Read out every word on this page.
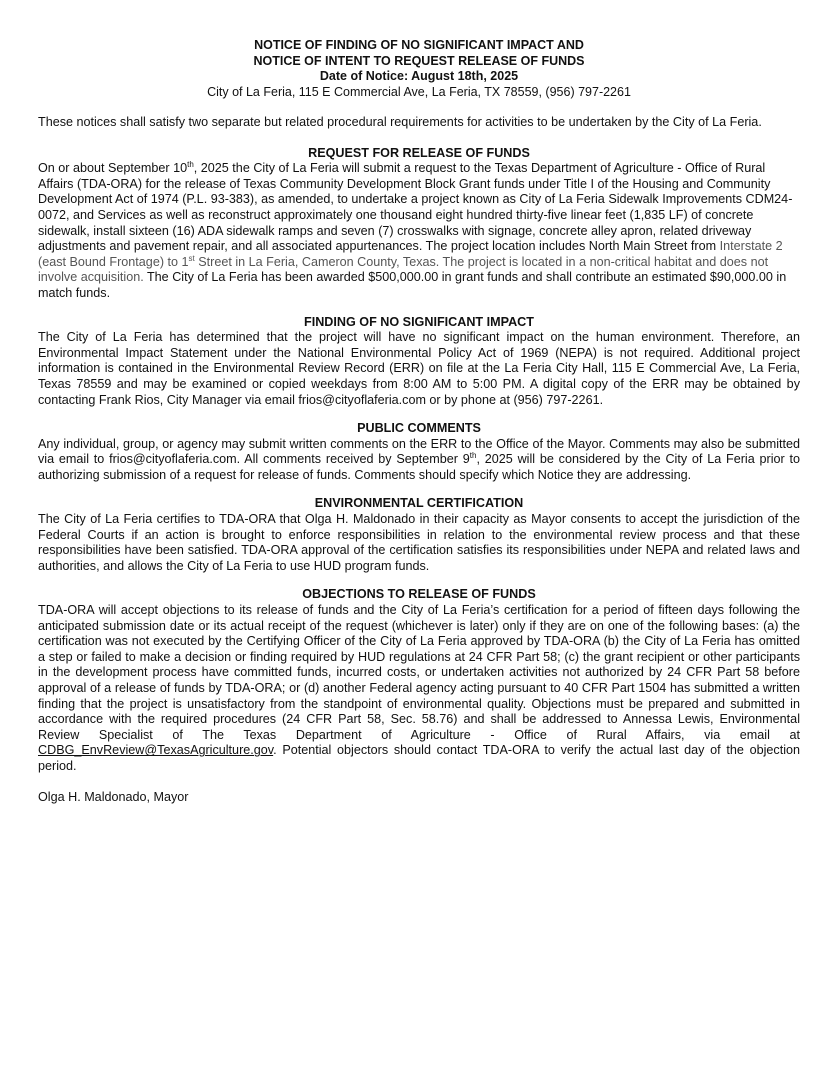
NOTICE OF FINDING OF NO SIGNIFICANT IMPACT AND
NOTICE OF INTENT TO REQUEST RELEASE OF FUNDS
Date of Notice: August 18th, 2025
City of La Feria, 115 E Commercial Ave, La Feria, TX 78559, (956) 797-2261

These notices shall satisfy two separate but related procedural requirements for activities to be undertaken by the City of La Feria.

REQUEST FOR RELEASE OF FUNDS

On or about September 10th, 2025 the City of La Feria will submit a request to the Texas Department of Agriculture - Office of Rural Affairs (TDA-ORA) for the release of Texas Community Development Block Grant funds under Title I of the Housing and Community Development Act of 1974 (P.L. 93-383), as amended, to undertake a project known as City of La Feria Sidewalk Improvements CDM24-0072, and Services as well as reconstruct approximately one thousand eight hundred thirty-five linear feet (1,835 LF) of concrete sidewalk, install sixteen (16) ADA sidewalk ramps and seven (7) crosswalks with signage, concrete alley apron, related driveway adjustments and pavement repair, and all associated appurtenances. The project location includes North Main Street from Interstate 2 (east Bound Frontage) to 1st Street in La Feria, Cameron County, Texas. The project is located in a non-critical habitat and does not involve acquisition. The City of La Feria has been awarded $500,000.00 in grant funds and shall contribute an estimated $90,000.00 in match funds.

FINDING OF NO SIGNIFICANT IMPACT

The City of La Feria has determined that the project will have no significant impact on the human environment. Therefore, an Environmental Impact Statement under the National Environmental Policy Act of 1969 (NEPA) is not required. Additional project information is contained in the Environmental Review Record (ERR) on file at the La Feria City Hall, 115 E Commercial Ave, La Feria, Texas 78559 and may be examined or copied weekdays from 8:00 AM to 5:00 PM. A digital copy of the ERR may be obtained by contacting Frank Rios, City Manager via email frios@cityoflaferia.com or by phone at (956) 797-2261.

PUBLIC COMMENTS

Any individual, group, or agency may submit written comments on the ERR to the Office of the Mayor. Comments may also be submitted via email to frios@cityoflaferia.com. All comments received by September 9th, 2025 will be considered by the City of La Feria prior to authorizing submission of a request for release of funds. Comments should specify which Notice they are addressing.

ENVIRONMENTAL CERTIFICATION

The City of La Feria certifies to TDA-ORA that Olga H. Maldonado in their capacity as Mayor consents to accept the jurisdiction of the Federal Courts if an action is brought to enforce responsibilities in relation to the environmental review process and that these responsibilities have been satisfied. TDA-ORA approval of the certification satisfies its responsibilities under NEPA and related laws and authorities, and allows the City of La Feria to use HUD program funds.

OBJECTIONS TO RELEASE OF FUNDS

TDA-ORA will accept objections to its release of funds and the City of La Feria’s certification for a period of fifteen days following the anticipated submission date or its actual receipt of the request (whichever is later) only if they are on one of the following bases: (a) the certification was not executed by the Certifying Officer of the City of La Feria approved by TDA-ORA (b) the City of La Feria has omitted a step or failed to make a decision or finding required by HUD regulations at 24 CFR Part 58; (c) the grant recipient or other participants in the development process have committed funds, incurred costs, or undertaken activities not authorized by 24 CFR Part 58 before approval of a release of funds by TDA-ORA; or (d) another Federal agency acting pursuant to 40 CFR Part 1504 has submitted a written finding that the project is unsatisfactory from the standpoint of environmental quality. Objections must be prepared and submitted in accordance with the required procedures (24 CFR Part 58, Sec. 58.76) and shall be addressed to Annessa Lewis, Environmental Review Specialist of The Texas Department of Agriculture - Office of Rural Affairs, via email at CDBG_EnvReview@TexasAgriculture.gov. Potential objectors should contact TDA-ORA to verify the actual last day of the objection period.

Olga H. Maldonado, Mayor
